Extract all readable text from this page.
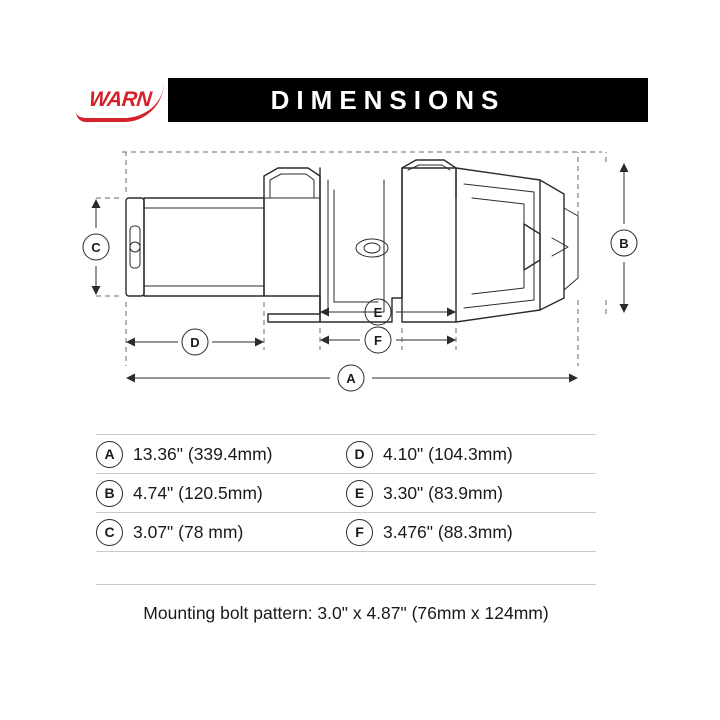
WARN	DIMENSIONS
C	B
D
E
F
A
A	13.36" (339.4mm)	D	4.10" (104.3mm)
B	4.74" (120.5mm)	E	3.30" (83.9mm)
C	3.07" (78 mm)	F	3.476" (88.3mm)
Mounting bolt pattern: 3.0" x 4.87" (76mm x 124mm)
